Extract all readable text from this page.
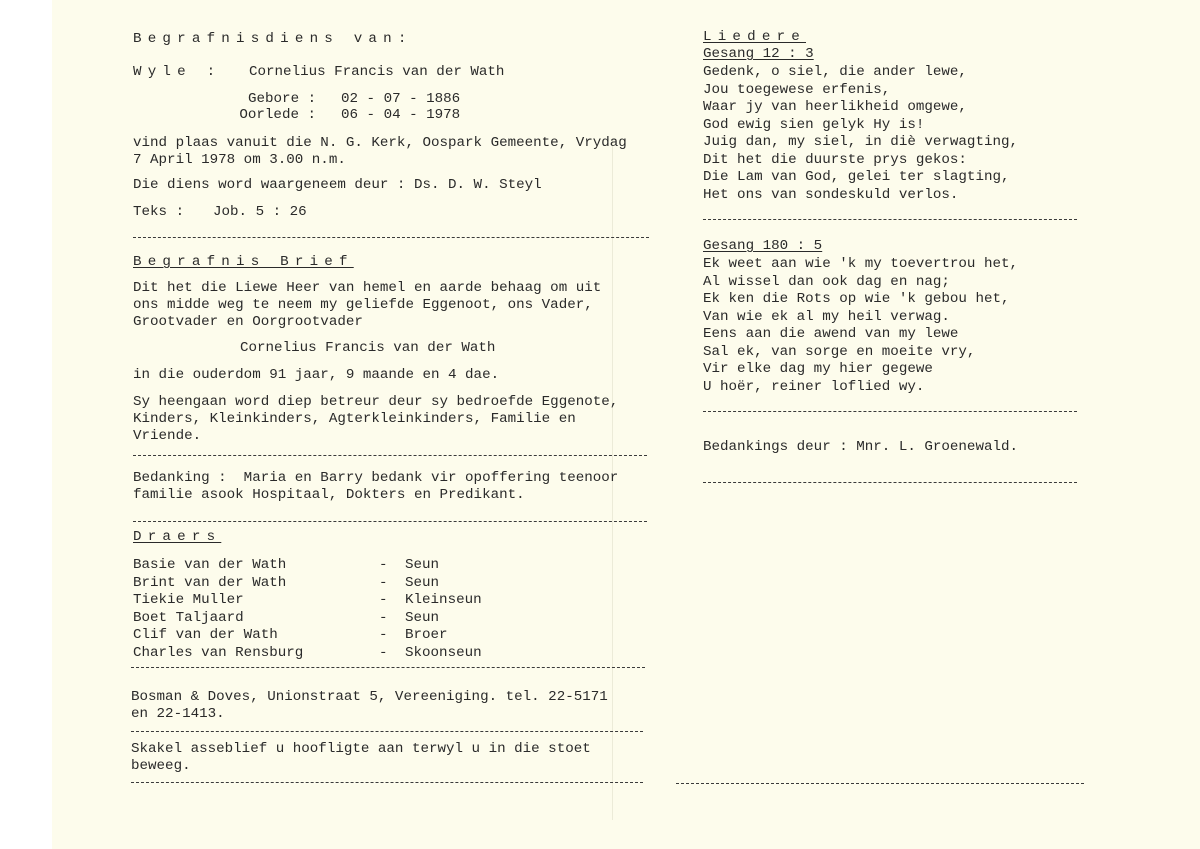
Begrafnisdiens van:
Wyle : Cornelius Francis van der Wath
Gebore : 02 - 07 - 1886
Oorlede : 06 - 04 - 1978
vind plaas vanuit die N. G. Kerk, Oospark Gemeente, Vrydag
7 April 1978 om 3.00 n.m.
Die diens word waargeneem deur : Ds. D. W. Steyl
Teks : Job. 5 : 26
Begrafnis Brief
Dit het die Liewe Heer van hemel en aarde behaag om uit
ons midde weg te neem my geliefde Eggenoot, ons Vader,
Grootvader en Oorgrootvader
Cornelius Francis van der Wath
in die ouderdom 91 jaar, 9 maande en 4 dae.
Sy heengaan word diep betreur deur sy bedroefde Eggenote,
Kinders, Kleinkinders, Agterkleinkinders, Familie en
Vriende.
Bedanking :  Maria en Barry bedank vir opoffering teenoor
familie asook Hospitaal, Dokters en Predikant.
Draers
Basie van der Wath	- Seun
Brint van der Wath	- Seun
Tiekie Muller	- Kleinseun
Boet Taljaard	- Seun
Clif van der Wath	- Broer
Charles van Rensburg	- Skoonseun
Bosman & Doves, Unionstraat 5, Vereeniging. tel. 22-5171
en 22-1413.
Skakel asseblief u hoofligte aan terwyl u in die stoet
beweeg.
Liedere
Gesang 12 : 3
Gedenk, o siel, die ander lewe,
Jou toegewese erfenis,
Waar jy van heerlikheid omgewe,
God ewig sien gelyk Hy is!
Juig dan, my siel, in diè verwagting,
Dit het die duurste prys gekos:
Die Lam van God, gelei ter slagting,
Het ons van sondeskuld verlos.
Gesang 180 : 5
Ek weet aan wie 'k my toevertrou het,
Al wissel dan ook dag en nag;
Ek ken die Rots op wie 'k gebou het,
Van wie ek al my heil verwag.
Eens aan die awend van my lewe
Sal ek, van sorge en moeite vry,
Vir elke dag my hier gegewe
U hoër, reiner loflied wy.
Bedankings deur : Mnr. L. Groenewald.
